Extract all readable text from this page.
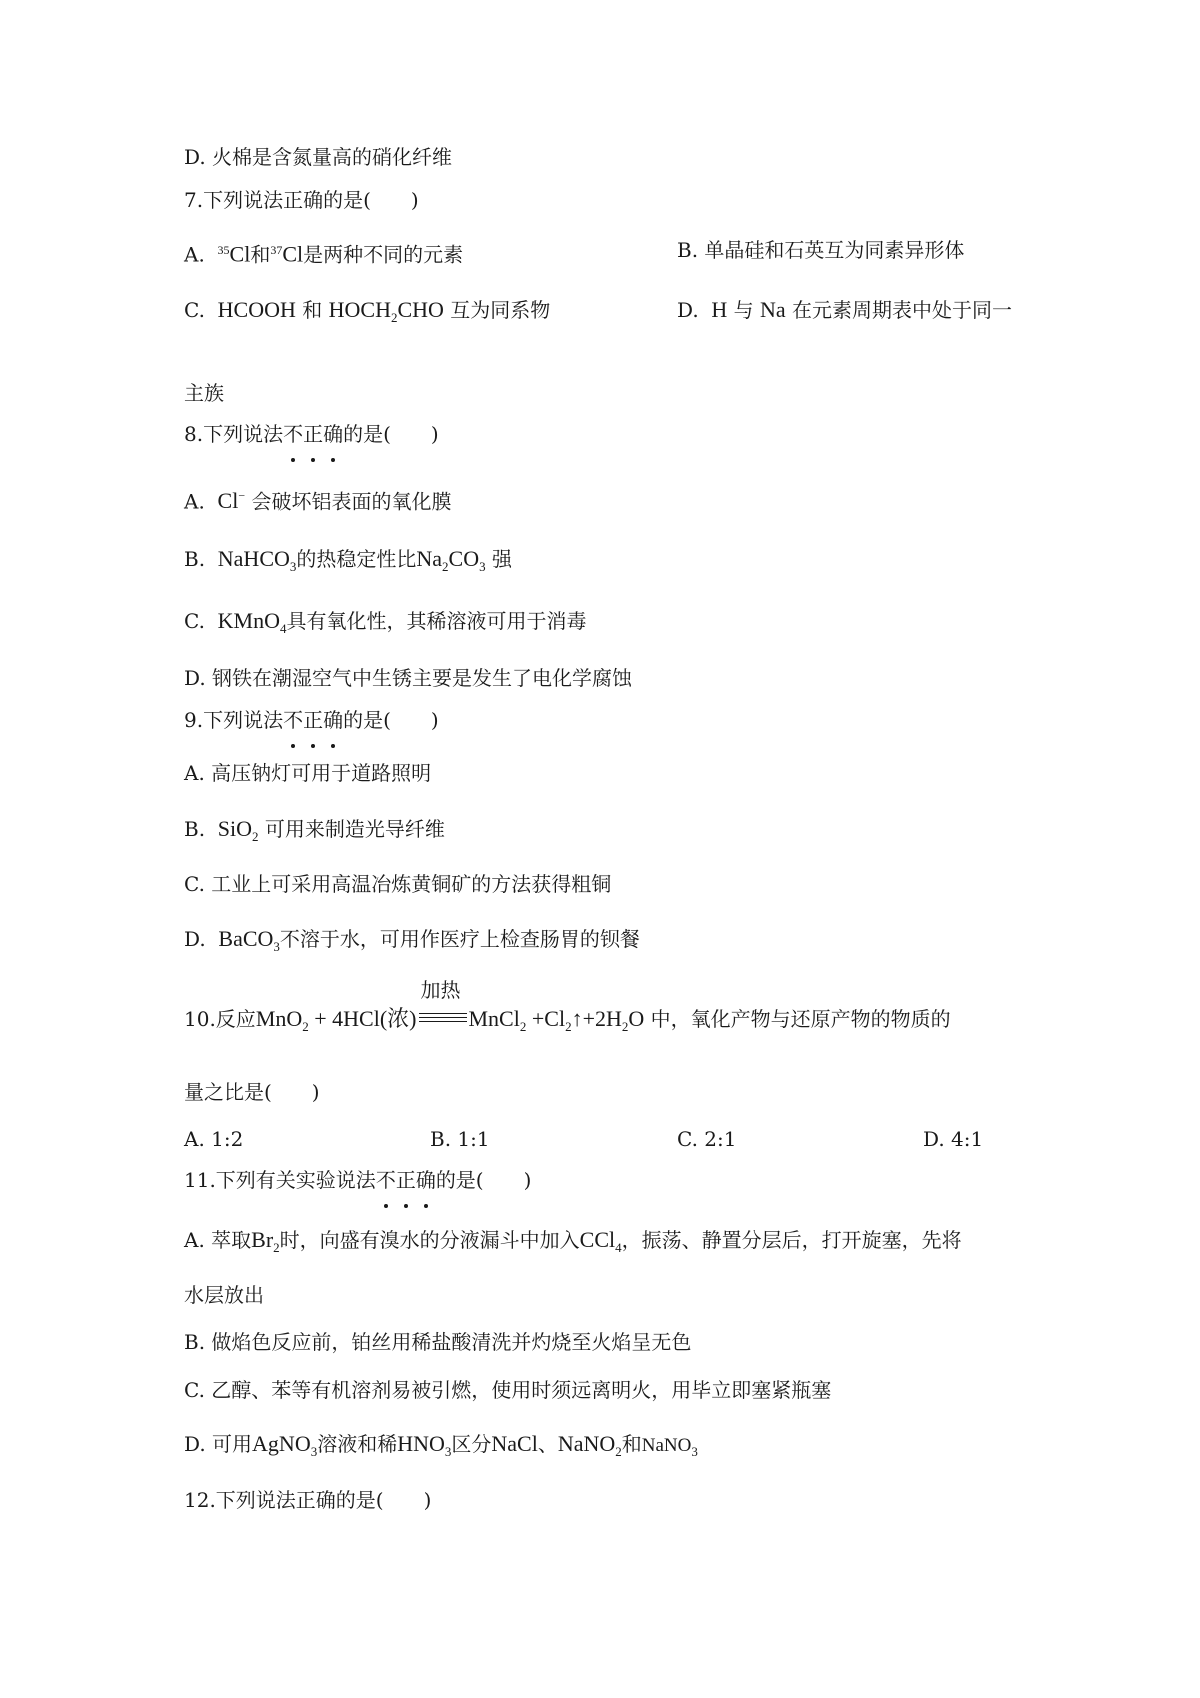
D. 火棉是含氮量高的硝化纤维
7.下列说法正确的是(　　)
A. $^{35}$Cl和$^{37}$Cl是两种不同的元素	B. 单晶硅和石英互为同素异形体
C. HCOOH 和 $HOCH_2CHO$ 互为同系物	D. H 与 Na 在元素周期表中处于同一
主族
8.下列说法不
正
确
的是(　　)
A. Cl− 会破坏铝表面的氧化膜
B. NaHCO$_3$的热稳定性比$Na_2CO_3$ 强
C. KMnO$_4$具有氧化性，其稀溶液可用于消毒
D. 钢铁在潮湿空气中生锈主要是发生了电化学腐蚀
9.下列说法不
正
确
的是(　　)
A. 高压钠灯可用于道路照明
B. SiO$_2$ 可用来制造光导纤维
C. 工业上可采用高温冶炼黄铜矿的方法获得粗铜
D. BaCO$_3$不溶于水，可用作医疗上检查肠胃的钡餐
10.反应MnO$_2$ + 4HCl(浓)
加热
MnCl$_2$ $+Cl_2↑+2H_2O$ 中，氧化产物与还原产物的物质的
量之比是(　　)
A. 1:2	B. 1:1	C. 2:1	D. 4:1
11.下列有关实验说法不
正
确
的是(　　)
A. 萃取$Br_2$时，向盛有溴水的分液漏斗中加入CCl$_4$，振荡、静置分层后，打开旋塞，先将
水层放出
B. 做焰色反应前，铂丝用稀盐酸清洗并灼烧至火焰呈无色
C. 乙醇、苯等有机溶剂易被引燃，使用时须远离明火，用毕立即塞紧瓶塞
D. 可用AgNO$_3$溶液和稀$HNO_3$区分NaCl、NaNO$_2$和NaNO$_3$
12.下列说法正确的是(　　)
